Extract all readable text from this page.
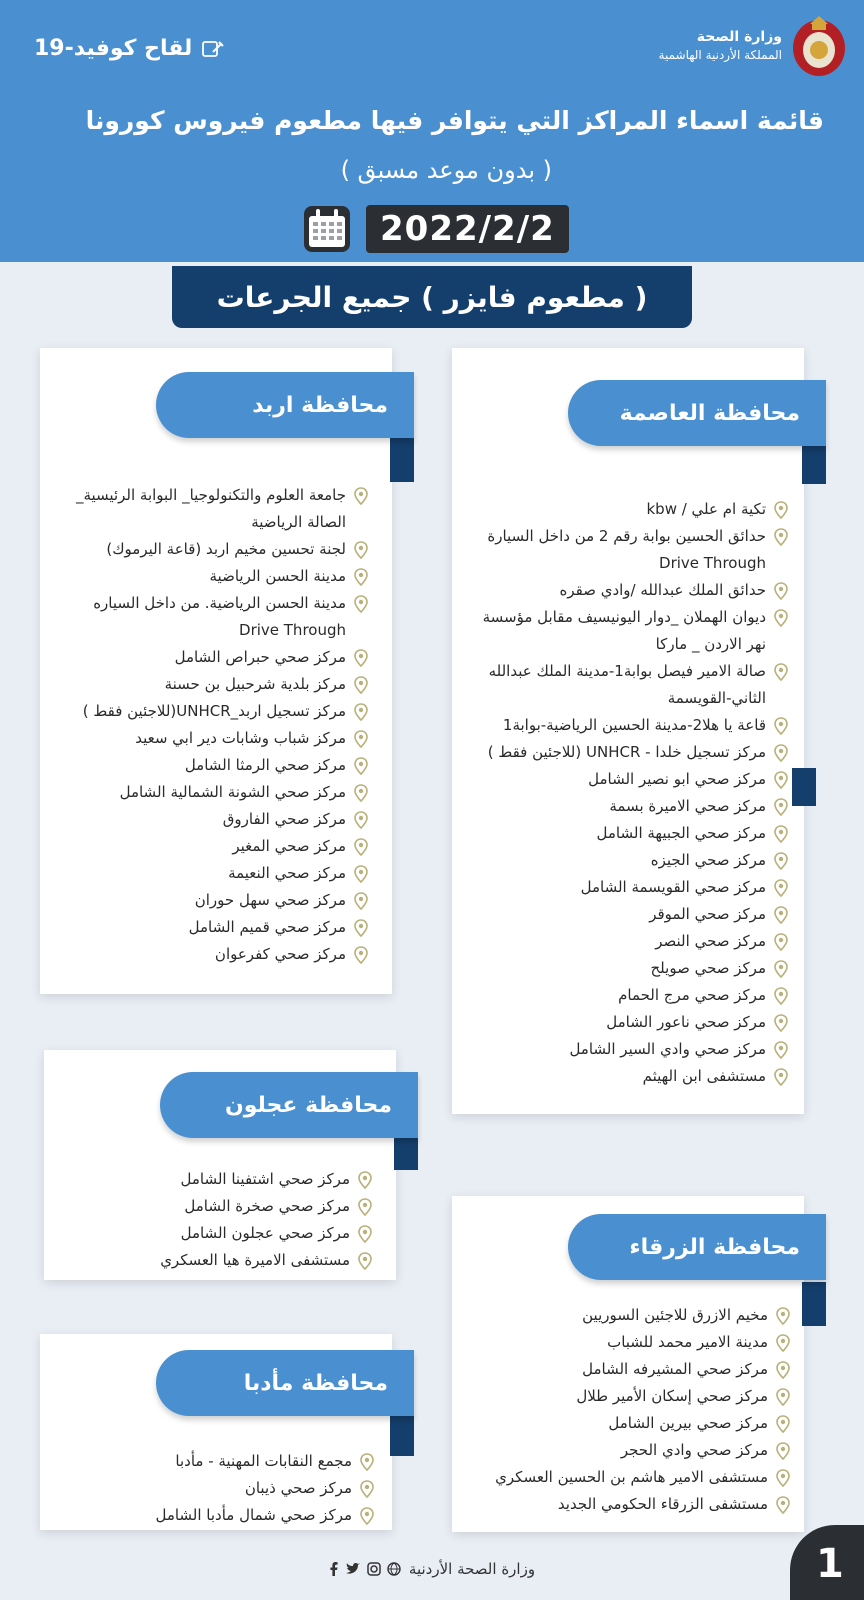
وزارة الصحة
المملكة الأردنية الهاشمية
لقاح كوفيد-19
قائمة اسماء المراكز التي يتوافر فيها مطعوم فيروس كورونا
( بدون موعد مسبق )
2022/2/2
( مطعوم فايزر ) جميع الجرعات
محافظة العاصمة
تكية ام علي / kbw
حدائق الحسين بوابة رقم 2 من داخل السيارة Drive Through
حدائق الملك عبدالله /وادي صقره
ديوان الهملان _دوار اليونيسيف مقابل مؤسسة نهر الاردن _ ماركا
صالة الامير فيصل بوابة1-مدينة الملك عبدالله الثاني-القويسمة
قاعة يا هلا2-مدينة الحسين الرياضية-بوابة1
مركز تسجيل خلدا - UNHCR (للاجئين فقط )
مركز صحي ابو نصير الشامل
مركز صحي الاميرة بسمة
مركز صحي الجبيهة الشامل
مركز صحي الجيزه
مركز صحي القويسمة الشامل
مركز صحي الموقر
مركز صحي النصر
مركز صحي صويلح
مركز صحي مرج الحمام
مركز صحي ناعور الشامل
مركز صحي وادي السير الشامل
مستشفى ابن الهيثم
محافظة اربد
جامعة العلوم والتكنولوجيا_ البوابة الرئيسية_ الصالة الرياضية
لجنة تحسين مخيم اربد (قاعة اليرموك)
مدينة الحسن الرياضية
مدينة الحسن الرياضية. من داخل السياره Drive Through
مركز صحي حبراص الشامل
مركز بلدية شرحبيل بن حسنة
مركز تسجيل اربد_UNHCR(للاجئين فقط )
مركز شباب وشابات دير ابي سعيد
مركز صحي الرمثا الشامل
مركز صحي الشونة الشمالية الشامل
مركز صحي الفاروق
مركز صحي المغير
مركز صحي النعيمة
مركز صحي سهل حوران
مركز صحي قميم الشامل
مركز صحي كفرعوان
محافظة عجلون
مركز صحي اشتفينا الشامل
مركز صحي صخرة الشامل
مركز صحي عجلون الشامل
مستشفى الاميرة هيا العسكري
محافظة الزرقاء
مخيم الازرق للاجئين السوريين
مدينة الامير محمد للشباب
مركز صحي المشيرفه الشامل
مركز صحي إسكان الأمير طلال
مركز صحي بيرين الشامل
مركز صحي وادي الحجر
مستشفى الامير هاشم بن الحسين العسكري
مستشفى الزرقاء الحكومي الجديد
محافظة مأدبا
مجمع النقابات المهنية - مأدبا
مركز صحي ذيبان
مركز صحي شمال مأدبا الشامل
وزارة الصحة الأردنية	1
